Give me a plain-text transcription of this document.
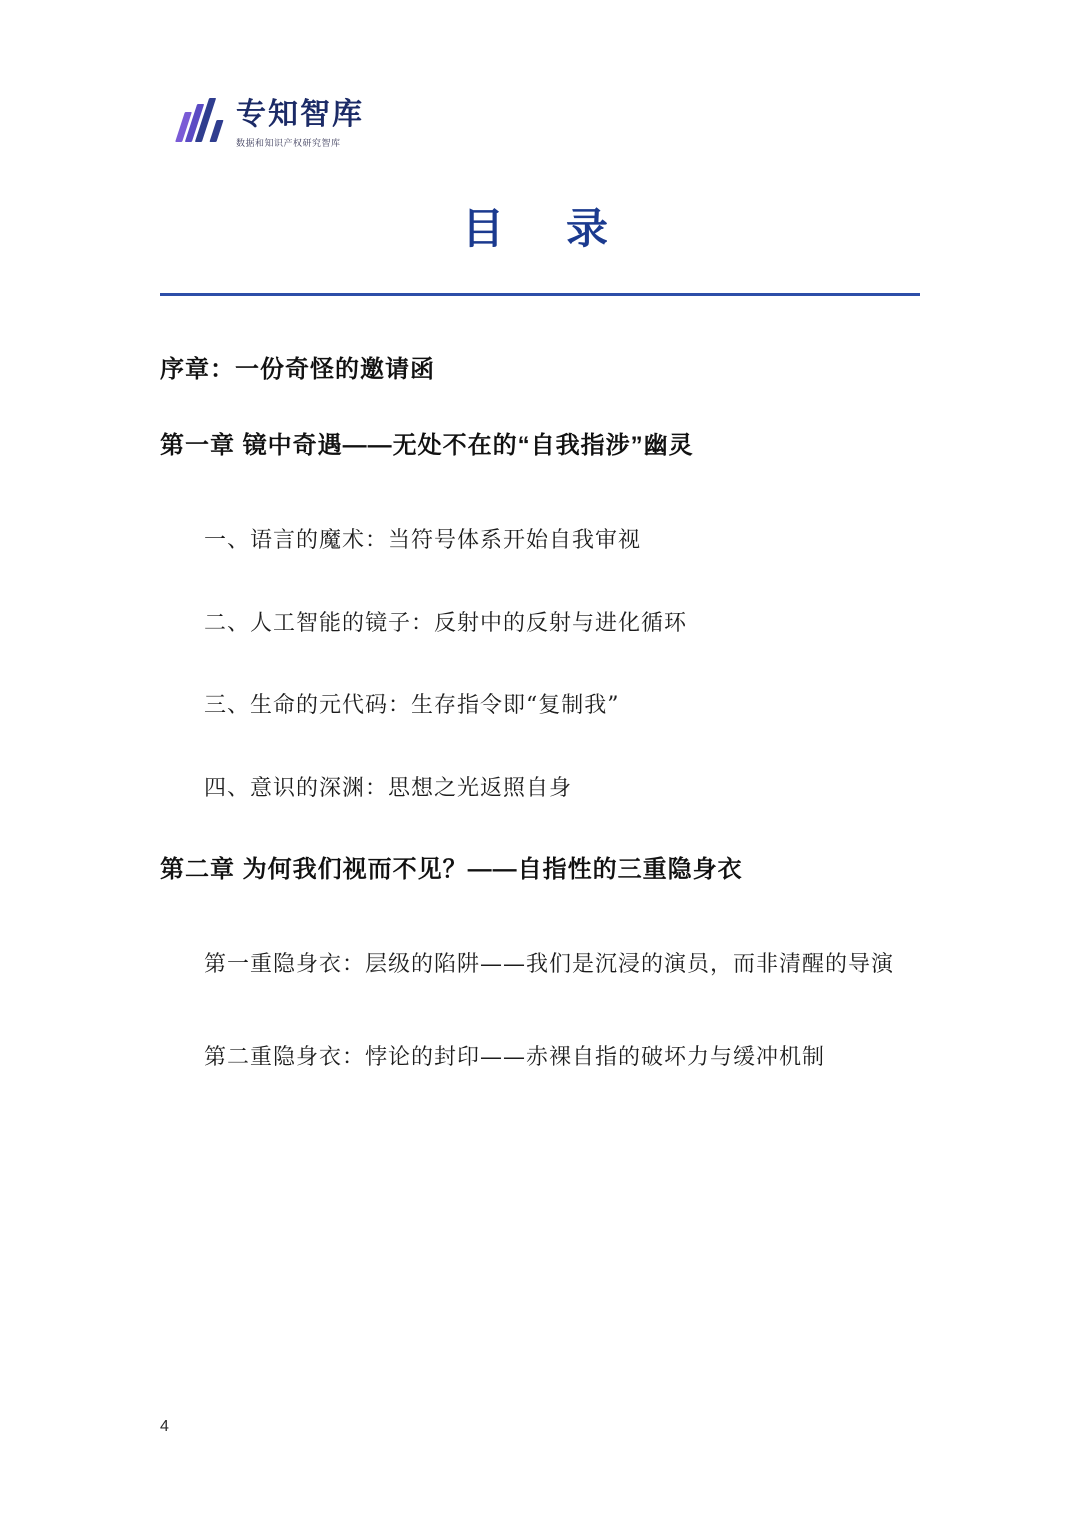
专知智库
数据和知识产权研究智库
目　录
序章：一份奇怪的邀请函
第一章 镜中奇遇——无处不在的“自我指涉”幽灵
一、语言的魔术：当符号体系开始自我审视
二、人工智能的镜子：反射中的反射与进化循环
三、生命的元代码：生存指令即“复制我”
四、意识的深渊：思想之光返照自身
第二章 为何我们视而不见？——自指性的三重隐身衣
第一重隐身衣：层级的陷阱——我们是沉浸的演员，而非清醒的导演
第二重隐身衣：悖论的封印——赤裸自指的破坏力与缓冲机制
4
